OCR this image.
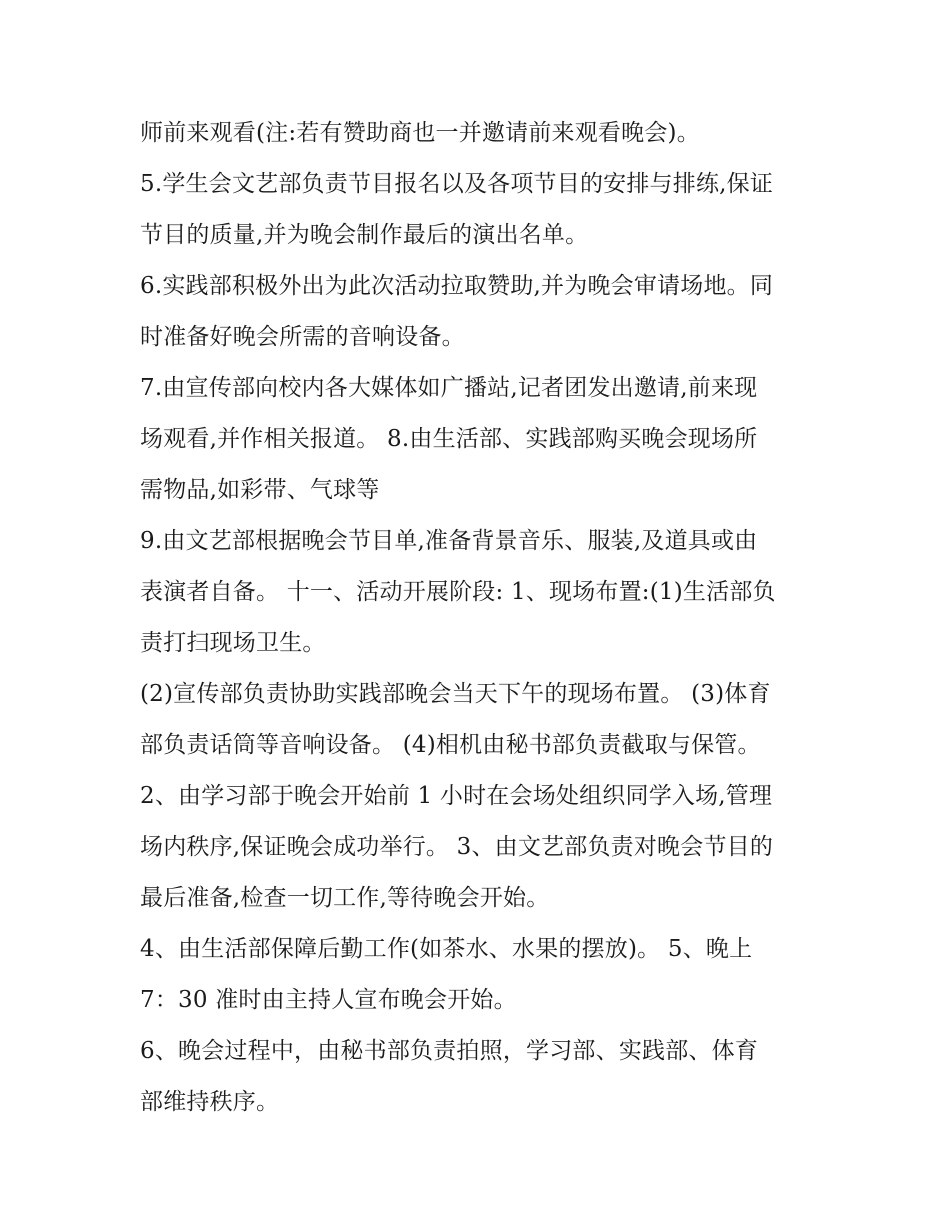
师前来观看(注:若有赞助商也一并邀请前来观看晚会)。
5.学生会文艺部负责节目报名以及各项节目的安排与排练,保证
节目的质量,并为晚会制作最后的演出名单。
6.实践部积极外出为此次活动拉取赞助,并为晚会审请场地。同
时准备好晚会所需的音响设备。
7.由宣传部向校内各大媒体如广播站,记者团发出邀请,前来现
场观看,并作相关报道。 8.由生活部、实践部购买晚会现场所
需物品,如彩带、气球等
9.由文艺部根据晚会节目单,准备背景音乐、服装,及道具或由
表演者自备。 十一、活动开展阶段: 1、现场布置:(1)生活部负
责打扫现场卫生。
(2)宣传部负责协助实践部晚会当天下午的现场布置。 (3)体育
部负责话筒等音响设备。 (4)相机由秘书部负责截取与保管。
2、由学习部于晚会开始前 1 小时在会场处组织同学入场,管理
场内秩序,保证晚会成功举行。 3、由文艺部负责对晚会节目的
最后准备,检查一切工作,等待晚会开始。
4、由生活部保障后勤工作(如茶水、水果的摆放)。 5、晚上
7：30 准时由主持人宣布晚会开始。
6、晚会过程中，由秘书部负责拍照，学习部、实践部、体育
部维持秩序。
